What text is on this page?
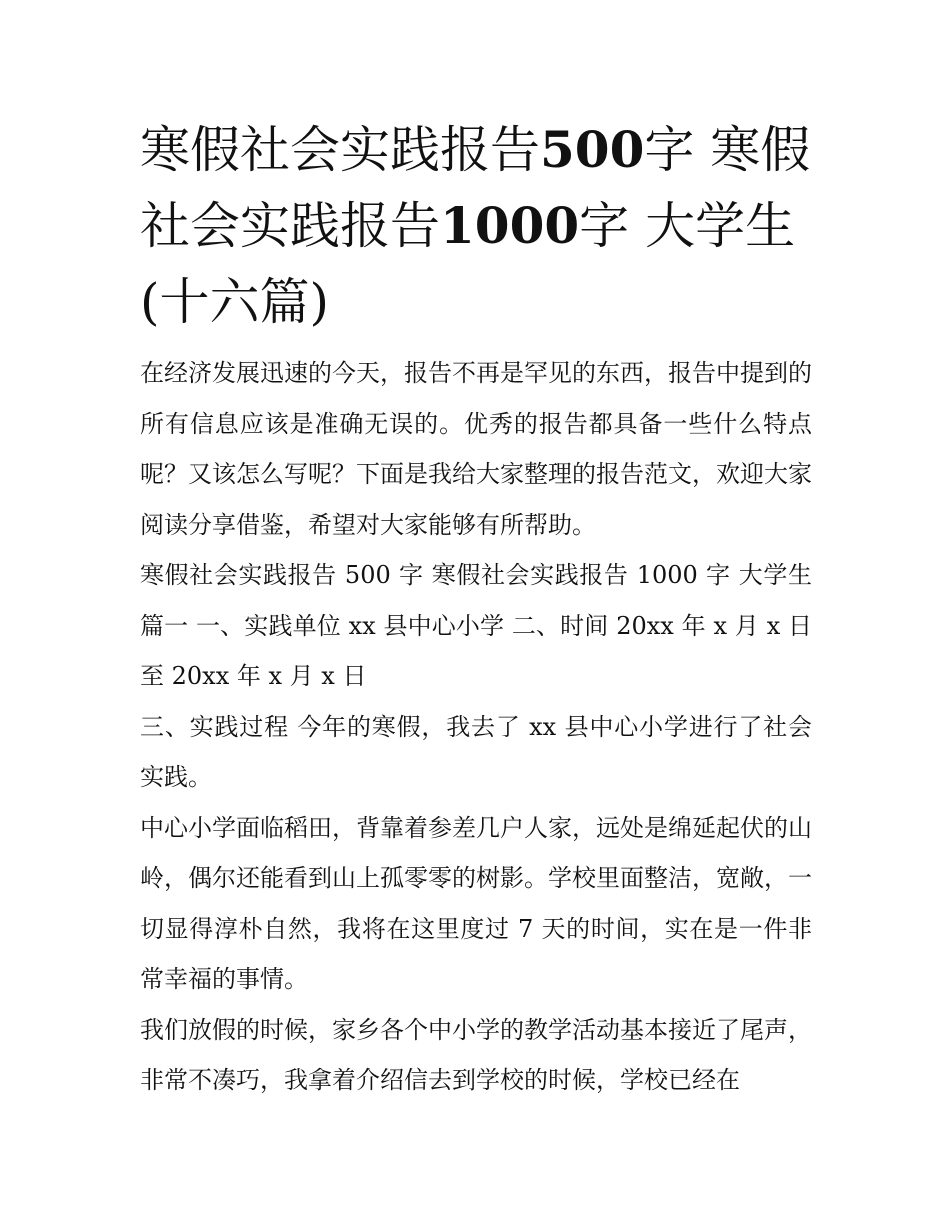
寒假社会实践报告500字 寒假社会实践报告1000字 大学生(十六篇)

在经济发展迅速的今天，报告不再是罕见的东西，报告中提到的所有信息应该是准确无误的。优秀的报告都具备一些什么特点呢？又该怎么写呢？下面是我给大家整理的报告范文，欢迎大家阅读分享借鉴，希望对大家能够有所帮助。

寒假社会实践报告 500 字 寒假社会实践报告 1000 字 大学生篇一 一、实践单位 xx 县中心小学 二、时间 20xx 年 x 月 x 日至 20xx 年 x 月 x 日

三、实践过程 今年的寒假，我去了 xx 县中心小学进行了社会实践。

中心小学面临稻田，背靠着参差几户人家，远处是绵延起伏的山岭，偶尔还能看到山上孤零零的树影。学校里面整洁，宽敞，一切显得淳朴自然，我将在这里度过 7 天的时间，实在是一件非常幸福的事情。

我们放假的时候，家乡各个中小学的教学活动基本接近了尾声，非常不凑巧，我拿着介绍信去到学校的时候，学校已经在
